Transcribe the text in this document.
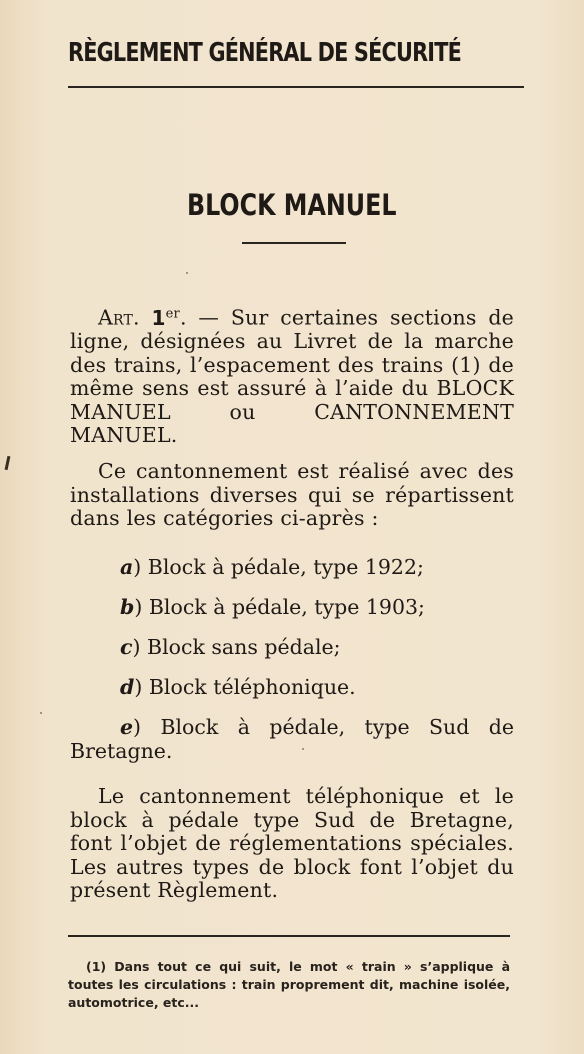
RÈGLEMENT GÉNÉRAL DE SÉCURITÉ
BLOCK MANUEL
Art. 1er. — Sur certaines sections de ligne, désignées au Livret de la marche des trains, l’espacement des trains (1) de même sens est assuré à l’aide du BLOCK MANUEL ou CANTONNEMENT MANUEL.
Ce cantonnement est réalisé avec des installations diverses qui se répartissent dans les catégories ci-après :
a) Block à pédale, type 1922;
b) Block à pédale, type 1903;
c) Block sans pédale;
d) Block téléphonique.
e) Block à pédale, type Sud de Bretagne.
Le cantonnement téléphonique et le block à pédale type Sud de Bretagne, font l’objet de réglementations spéciales. Les autres types de block font l’objet du présent Règlement.
(1) Dans tout ce qui suit, le mot « train » s’applique à toutes les circulations : train proprement dit, machine isolée, automotrice, etc...
